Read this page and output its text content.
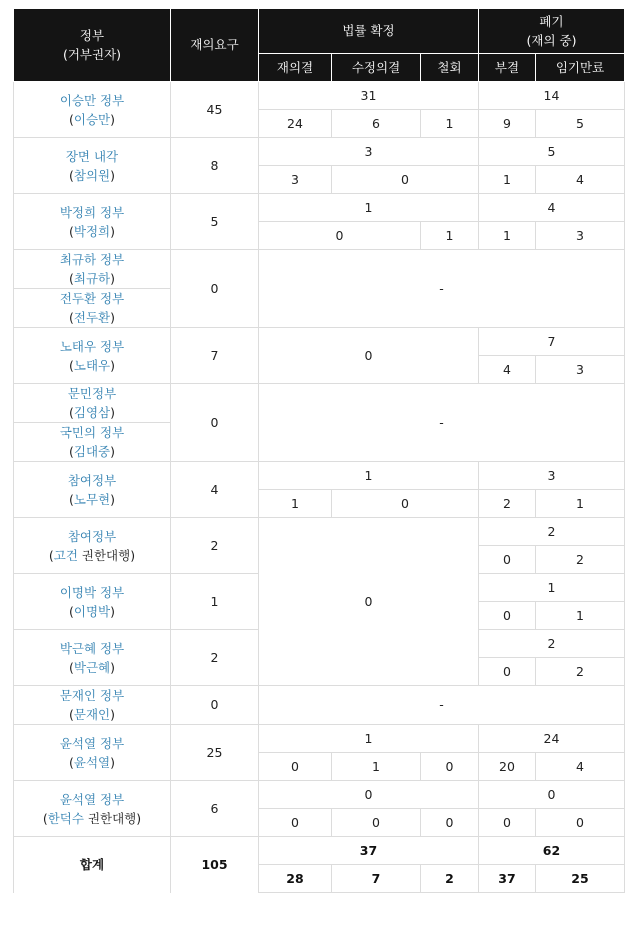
정부
(거부권자)	재의요구	법률 확정			폐기
(재의 중)	
		재의결	수정의결	철회	부결	임기만료
이승만 정부
(이승만)	45	31			14	
		24	6	1	9	5
장면 내각
(참의원)	8	3			5	
		3	0		1	4
박정희 정부
(박정희)	5	1			4	
		0		1	1	3
최규하 정부
(최규하)	0	-				

전두환 정부
(전두환)						

노태우 정부
(노태우)	7	0			7	
					4	3
문민정부
(김영삼)	0	-				

국민의 정부
(김대중)						

참여정부
(노무현)	4	1			3	
		1	0		2	1
참여정부
(고건 권한대행)	2	0			2	
					0	2
이명박 정부
(이명박)	1				1	
					0	1
박근혜 정부
(박근혜)	2				2	
					0	2
문재인 정부
(문재인)	0	-				

윤석열 정부
(윤석열)	25	1			24	
		0	1	0	20	4
윤석열 정부
(한덕수 권한대행)	6	0			0	
		0	0	0	0	0
합계	105	37			62	
		28	7	2	37	25
